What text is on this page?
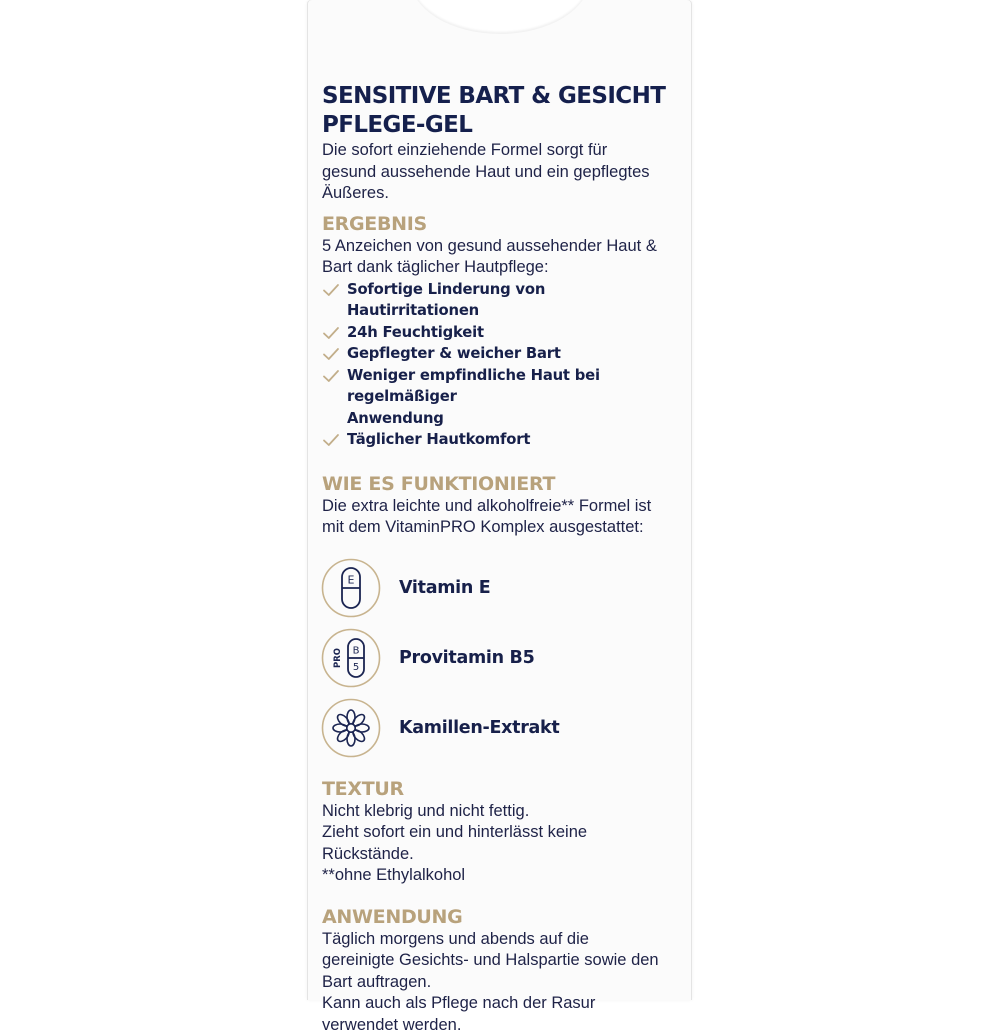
SENSITIVE BART & GESICHT
PFLEGE-GEL

Die sofort einziehende Formel sorgt für
gesund aussehende Haut und ein gepflegtes
Äußeres.

ERGEBNIS

5 Anzeichen von gesund aussehender Haut &
Bart dank täglicher Hautpflege:

Sofortige Linderung von Hautirritationen
24h Feuchtigkeit
Gepflegter & weicher Bart
Weniger empfindliche Haut bei regelmäßiger
Anwendung
Täglicher Hautkomfort
WIE ES FUNKTIONIERT

Die extra leichte und alkoholfreie** Formel ist
mit dem VitaminPRO Komplex ausgestattet:

E	Vitamin E
PRO B
5 Provitamin B5
Kamillen-Extrakt
TEXTUR

Nicht klebrig und nicht fettig.
Zieht sofort ein und hinterlässt keine
Rückstände.
**ohne Ethylalkohol

ANWENDUNG

Täglich morgens und abends auf die
gereinigte Gesichts- und Halspartie sowie den
Bart auftragen.
Kann auch als Pflege nach der Rasur
verwendet werden.
